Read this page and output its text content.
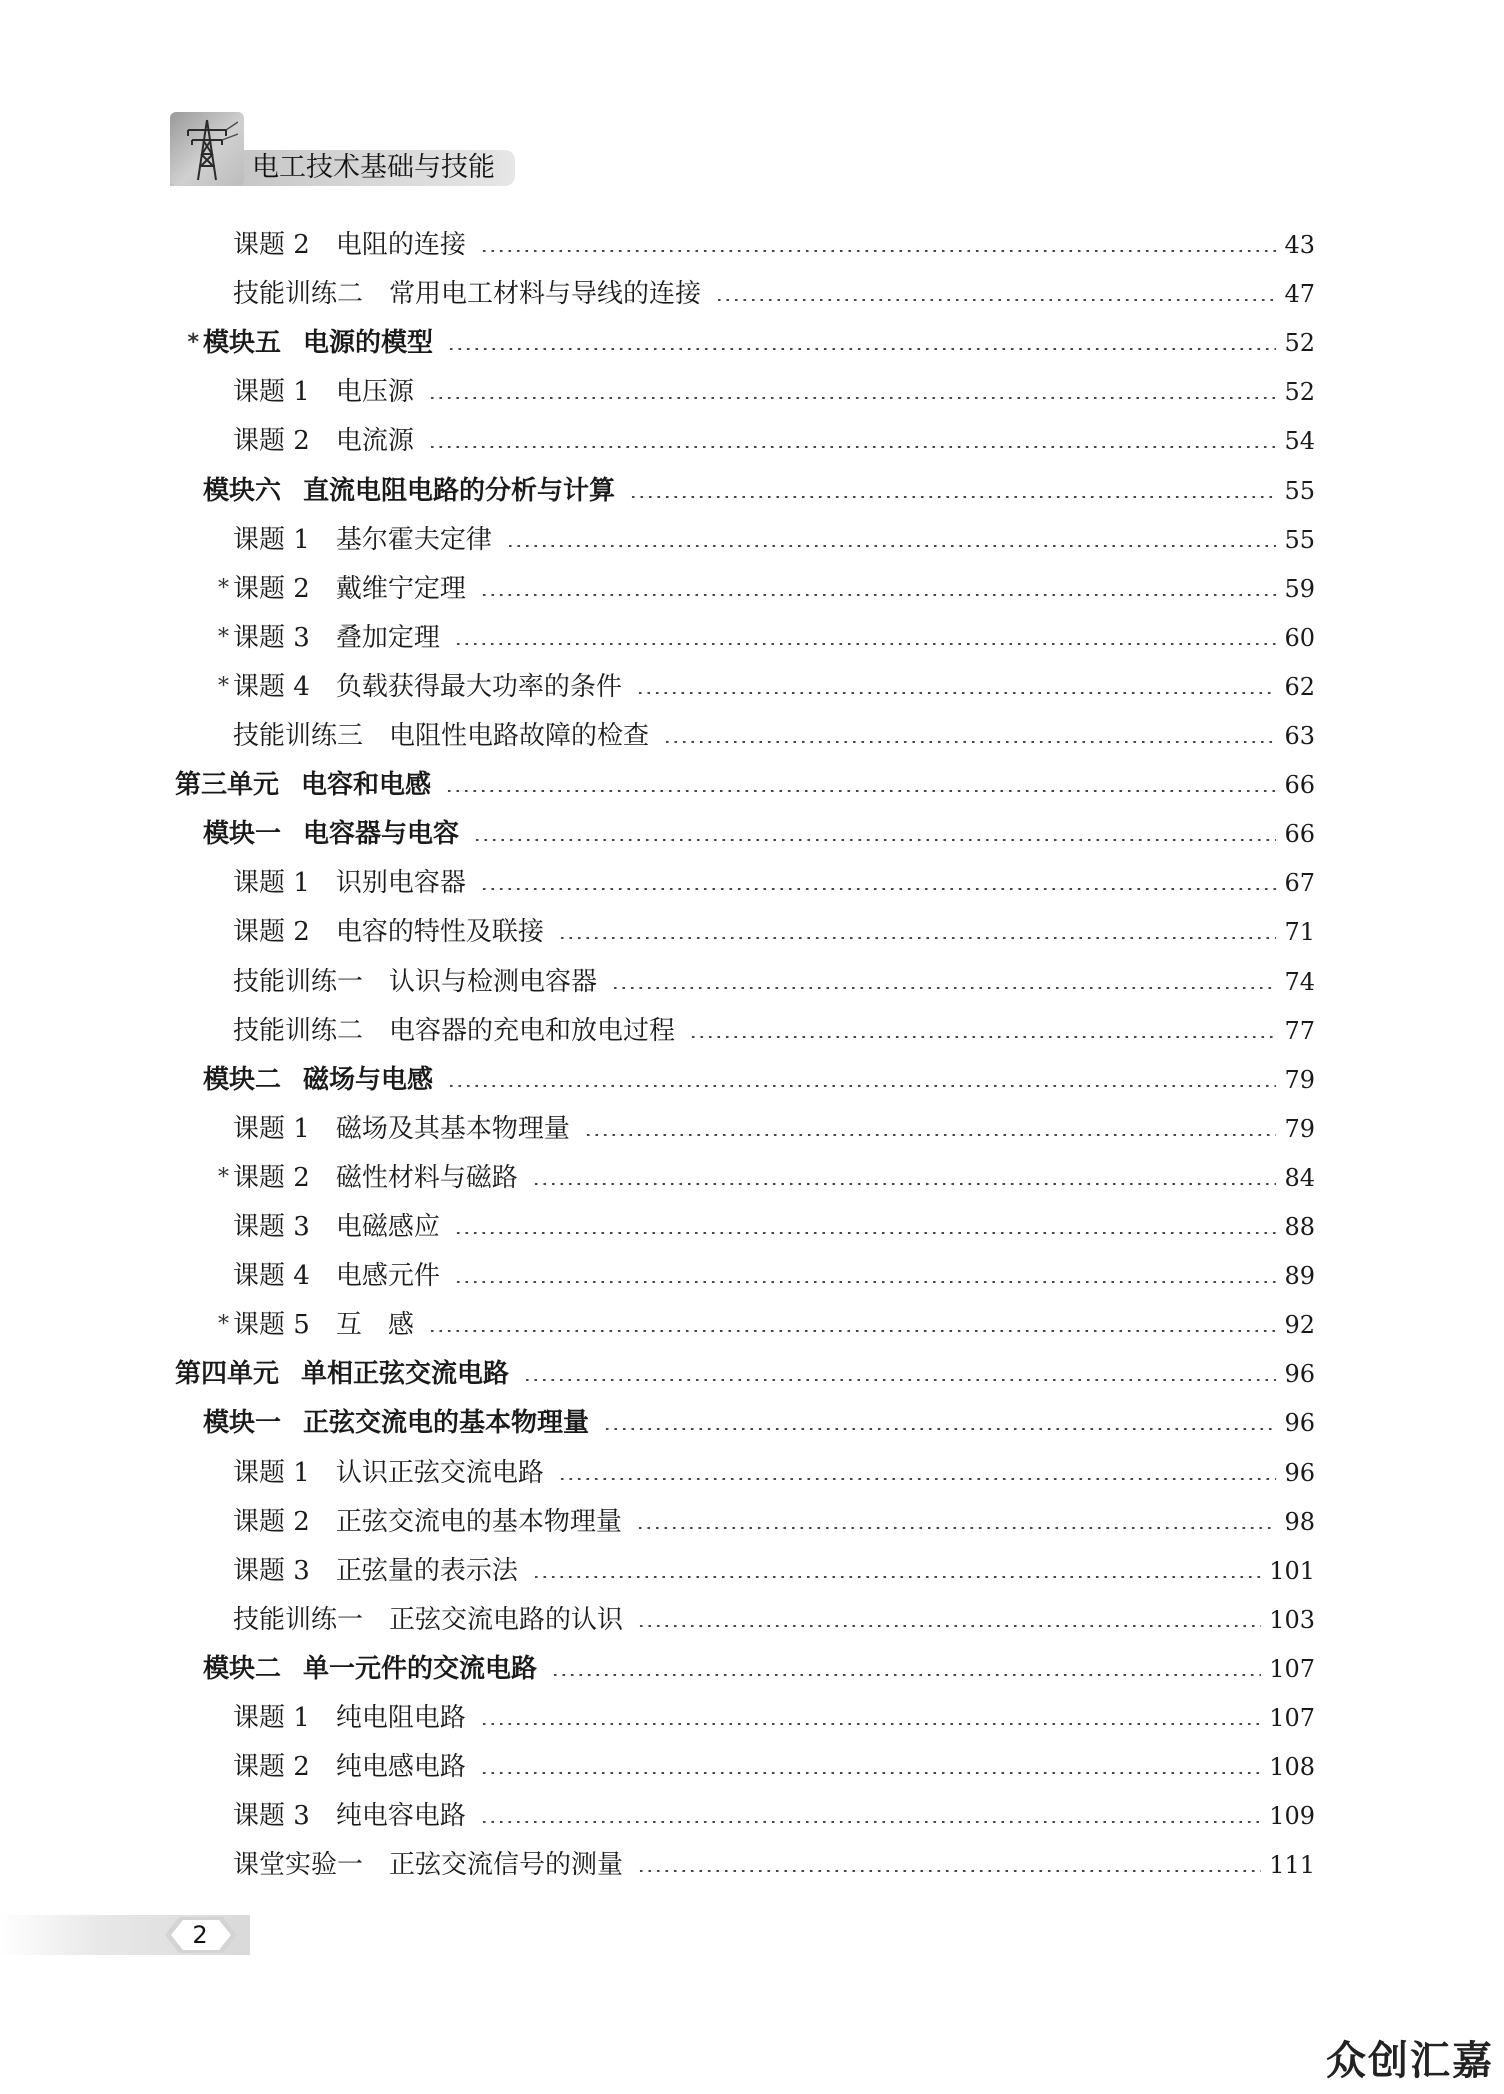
电工技术基础与技能
课题 2 电阻的连接	43
技能训练二 常用电工材料与导线的连接	47
* 模块五 电源的模型	52
课题 1 电压源	52
课题 2 电流源	54
模块六 直流电阻电路的分析与计算	55
课题 1 基尔霍夫定律	55
* 课题 2 戴维宁定理	59
* 课题 3 叠加定理	60
* 课题 4 负载获得最大功率的条件	62
技能训练三 电阻性电路故障的检查	63
第三单元 电容和电感	66
模块一 电容器与电容	66
课题 1 识别电容器	67
课题 2 电容的特性及联接	71
技能训练一 认识与检测电容器	74
技能训练二 电容器的充电和放电过程	77
模块二 磁场与电感	79
课题 1 磁场及其基本物理量	79
* 课题 2 磁性材料与磁路	84
课题 3 电磁感应	88
课题 4 电感元件	89
* 课题 5 互　感	92
第四单元 单相正弦交流电路	96
模块一 正弦交流电的基本物理量	96
课题 1 认识正弦交流电路	96
课题 2 正弦交流电的基本物理量	98
课题 3 正弦量的表示法	101
技能训练一 正弦交流电路的认识	103
模块二 单一元件的交流电路	107
课题 1 纯电阻电路	107
课题 2 纯电感电路	108
课题 3 纯电容电路	109
课堂实验一 正弦交流信号的测量	111
2
众创汇嘉
